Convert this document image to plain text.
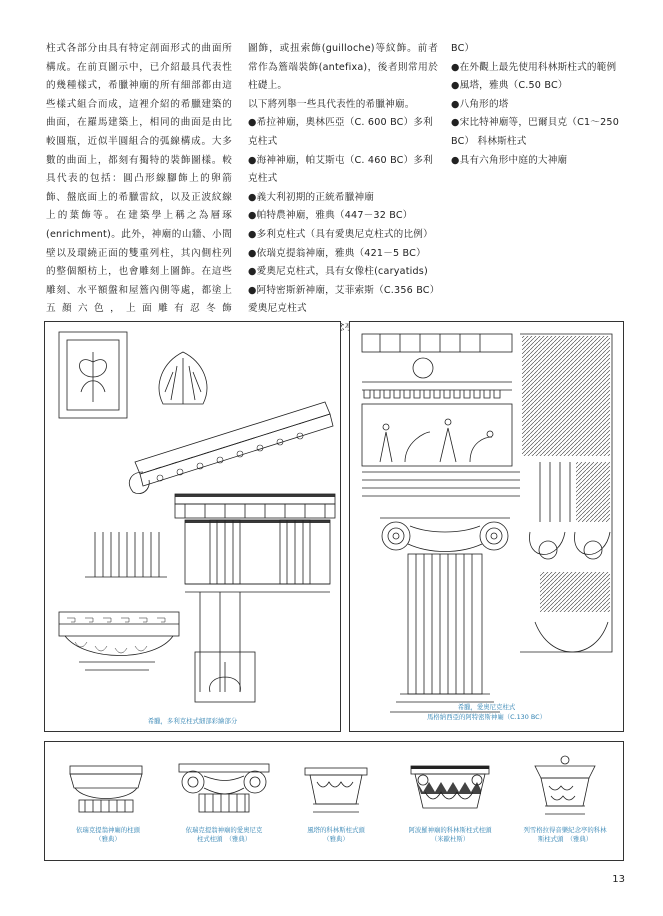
柱式各部分由具有特定剖面形式的曲面所構成。在前頁圖示中，已介紹最具代表性的幾種樣式，希臘神廟的所有細部都由這些樣式組合而成，這裡介紹的希臘建築的曲面，在羅馬建築上，相同的曲面是由比較圓瓶，近似半圓組合的弧線構成。大多數的曲面上，都刻有獨特的裝飾圖樣。較具代表的包括：圓凸形線腳飾上的卵箭飾、盤底面上的希臘雷紋，以及正波紋線上的葉飾等。在建築學上稱之為層琢(enrichment)。此外，神廟的山牆、小間壁以及環繞正面的雙重列柱，其內側柱列的整個額枋上，也會雕刻上圖飾。在這些雕刻、水平額盤和屋簷內側等處，都塗上五顏六色，上面雕有忍冬飾

圖飾，或扭索飾(guilloche)等紋飾。前者常作為簷端裝飾(antefixa)，後者則常用於柱礎上。

以下將列舉一些具代表性的希臘神廟。

●希拉神廟，奧林匹亞（C. 600 BC）多利克柱式
●海神神廟，帕艾斯屯（C. 460 BC）多利克柱式
●義大利初期的正統希臘神廟
●帕特農神廟，雅典（447－32 BC）
●多利克柱式（具有愛奧尼克柱式的比例）
●依瑞克提翁神廟，雅典（421－5 BC）
●愛奧尼克柱式，具有女像柱(caryatids)
●阿特密斯新神廟，艾菲索斯（C.356 BC）愛奧尼克柱式
BC）
●在外觀上最先使用科林斯柱式的範例
●風塔，雅典（C.50 BC）
●八角形的塔
●宋比特神廟等，巴爾貝克（C1～250 BC） 科林斯柱式
●具有六角形中庭的大神廟
希臘，多利克柱式細部彩繪部分
希臘，愛奧尼克柱式
馬格納西亞的阿特密斯神廟（C.130 BC）
依瑞克提翁神廟的柱頭
（雅典）
依瑞克提翁神廟的愛奧尼克
柱式柱頭　（雅典）
風塔的科林斯柱式頭
（雅典）
阿波羅神廟的科林斯柱式柱頭
（米歐杜斯）
列雪格拉得音樂紀念亭的科林
斯柱式頭　（雅典）
13
